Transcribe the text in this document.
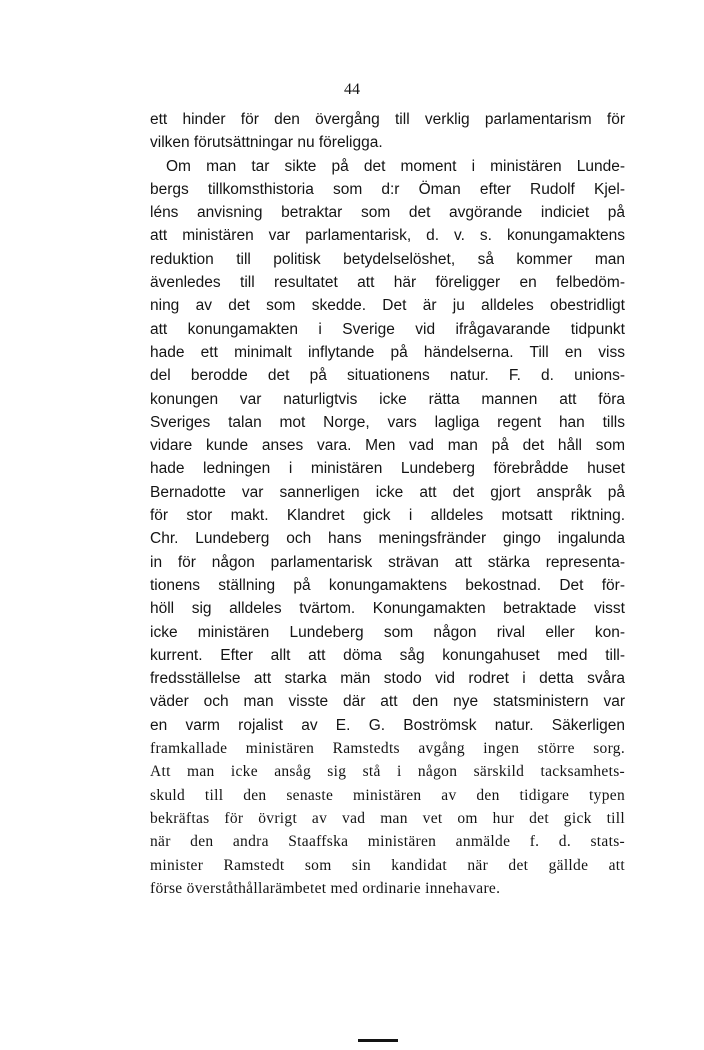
44
ett hinder för den övergång till verklig parlamentarism för
vilken förutsättningar nu föreligga.
Om man tar sikte på det moment i ministären Lunde-
bergs tillkomsthistoria som d:r Öman efter Rudolf Kjel-
léns anvisning betraktar som det avgörande indiciet på
att ministären var parlamentarisk, d. v. s. konungamaktens
reduktion till politisk betydelselöshet, så kommer man
ävenledes till resultatet att här föreligger en felbedöm-
ning av det som skedde. Det är ju alldeles obestridligt
att konungamakten i Sverige vid ifrågavarande tidpunkt
hade ett minimalt inflytande på händelserna. Till en viss
del berodde det på situationens natur. F. d. unions-
konungen var naturligtvis icke rätta mannen att föra
Sveriges talan mot Norge, vars lagliga regent han tills
vidare kunde anses vara. Men vad man på det håll som
hade ledningen i ministären Lundeberg förebrådde huset
Bernadotte var sannerligen icke att det gjort anspråk på
för stor makt. Klandret gick i alldeles motsatt riktning.
Chr. Lundeberg och hans meningsfränder gingo ingalunda
in för någon parlamentarisk strävan att stärka representa-
tionens ställning på konungamaktens bekostnad. Det för-
höll sig alldeles tvärtom. Konungamakten betraktade visst
icke ministären Lundeberg som någon rival eller kon-
kurrent. Efter allt att döma såg konungahuset med till-
fredsställelse att starka män stodo vid rodret i detta svåra
väder och man visste där att den nye statsministern var
en varm rojalist av E. G. Boströmsk natur. Säkerligen
framkallade ministären Ramstedts avgång ingen större sorg.
Att man icke ansåg sig stå i någon särskild tacksamhets-
skuld till den senaste ministären av den tidigare typen
bekräftas för övrigt av vad man vet om hur det gick till
när den andra Staaffska ministären anmälde f. d. stats-
minister Ramstedt som sin kandidat när det gällde att
förse överståthållarämbetet med ordinarie innehavare.
